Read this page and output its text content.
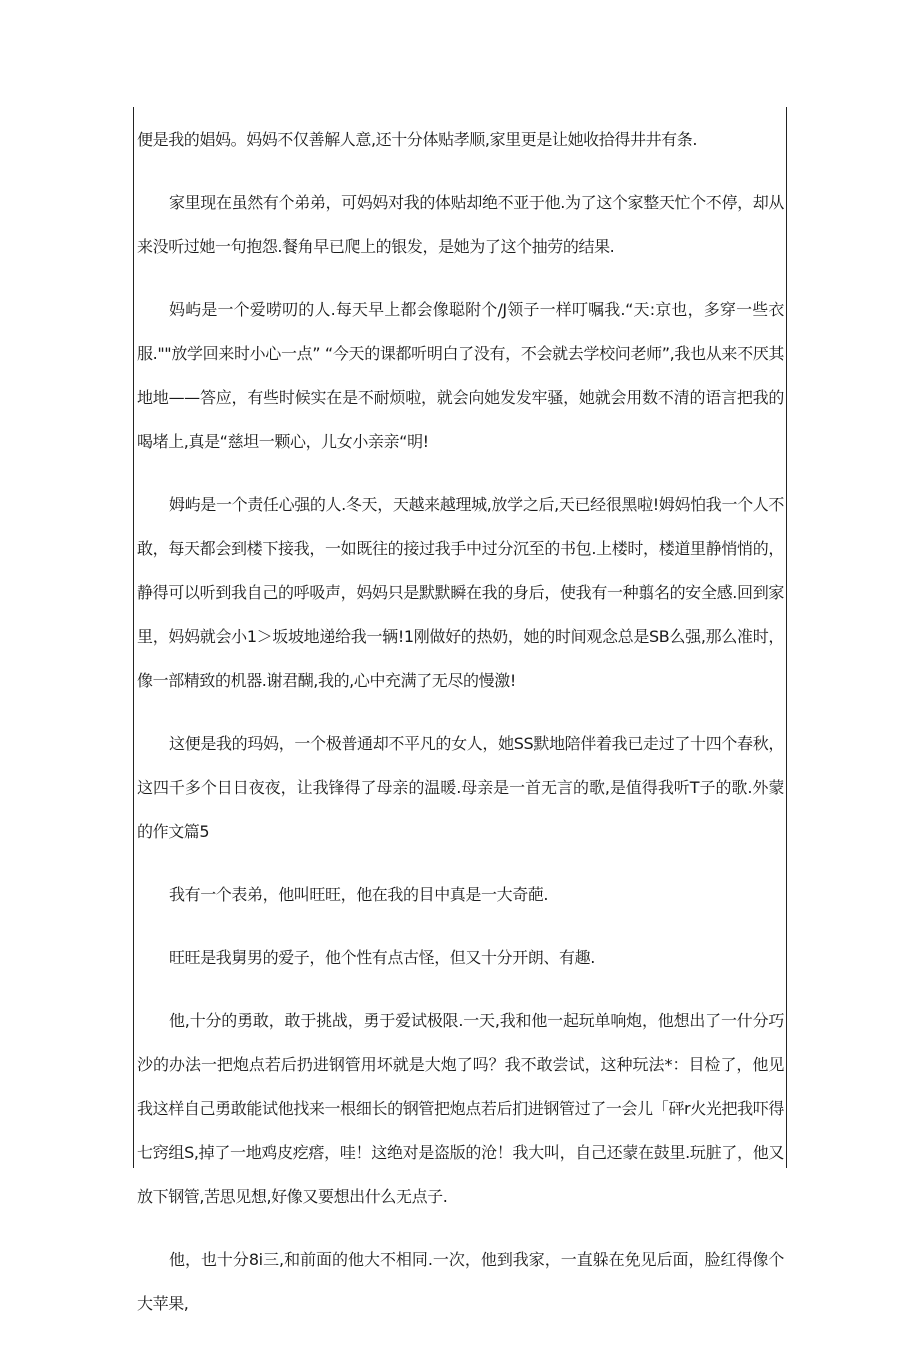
便是我的娼妈。妈妈不仅善解人意,还十分体贴孝顺,家里更是让她收拾得井井有条.

家里现在虽然有个弟弟，可妈妈对我的体贴却绝不亚于他.为了这个家整天忙个不停，却从来没听过她一句抱怨.餐角早已爬上的银发，是她为了这个抽劳的结果.

妈屿是一个爱唠叨的人.每天早上都会像聪附个/J领子一样叮嘱我.“天:京也，多穿一些衣服.""放学回来时小心一点” “今天的课都听明白了没有，不会就去学校问老师”,我也从来不厌其地地——答应，有些时候实在是不耐烦啦，就会向她发发牢骚，她就会用数不清的语言把我的喝堵上,真是“慈坦一颗心，儿女小亲亲“明!

姆屿是一个责任心强的人.冬天，天越来越理城,放学之后,天已经很黑啦!姆妈怕我一个人不敢，每天都会到楼下接我，一如既往的接过我手中过分沉至的书包.上楼时，楼道里静悄悄的，静得可以听到我自己的呼吸声，妈妈只是默默瞬在我的身后，使我有一种翦名的安全感.回到家里，妈妈就会小1＞坂坡地递给我一辆!1刚做好的热奶，她的时间观念总是SB么强,那么准时，像一部精致的机器.谢君醐,我的,心中充满了无尽的慢激!

这便是我的玛妈，一个极普通却不平凡的女人，她SS默地陪伴着我已走过了十四个春秋，这四千多个日日夜夜，让我锋得了母亲的温暖.母亲是一首无言的歌,是值得我听T子的歌.外蒙的作文篇5

我有一个表弟，他叫旺旺，他在我的目中真是一大奇葩.

旺旺是我舅男的爱子，他个性有点古怪，但又十分开朗、有趣.

他,十分的勇敢，敢于挑战，勇于爱试极限.一天,我和他一起玩单响炮，他想出了一什分巧沙的办法一把炮点若后扔进钢管用坏就是大炮了吗？我不敢尝试，这种玩法*：目检了，他见我这样自己勇敢能试他找来一根细长的钢管把炮点若后扪进钢管过了一会儿「砰r火光把我吓得七窍组S,掉了一地鸡皮疙瘩，哇！这绝对是盗版的沧！我大叫，自己还蒙在鼓里.玩脏了，他又放下钢管,苦思见想,好像又要想出什么无点子.

他，也十分8i三,和前面的他大不相同.一次，他到我家，一直躲在免见后面，脸红得像个大苹果,
